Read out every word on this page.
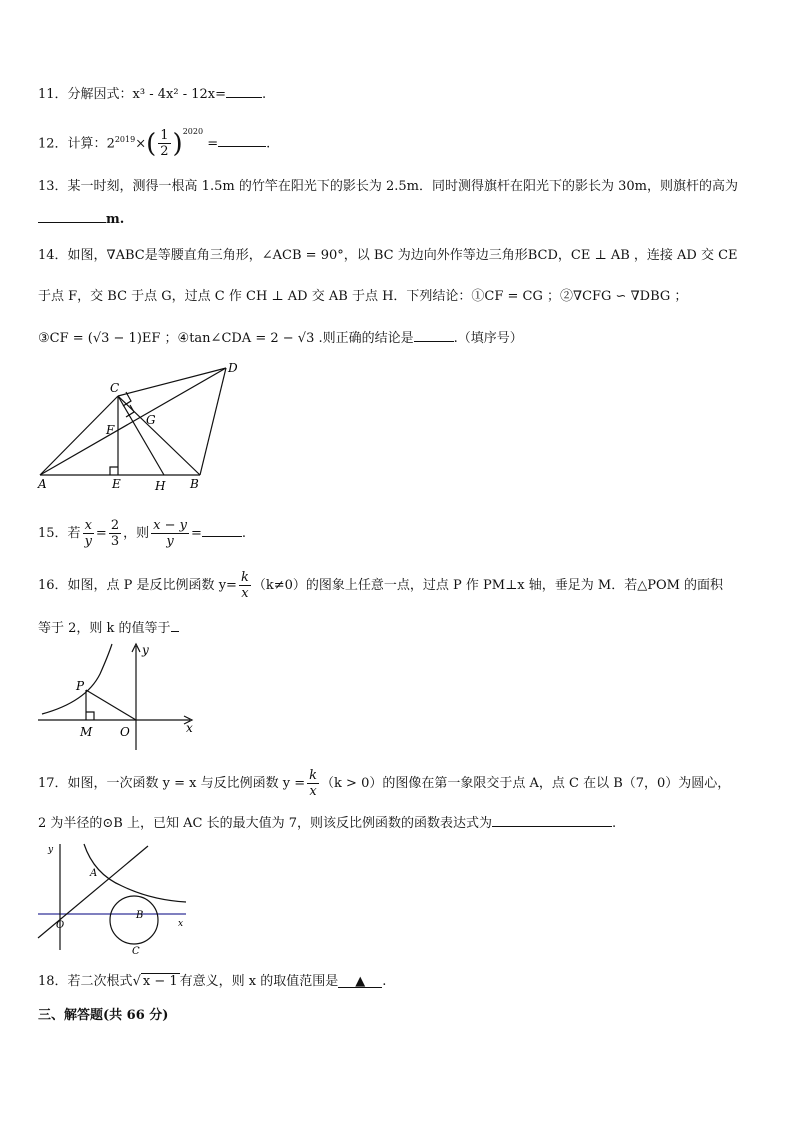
11．分解因式：x³ - 4x² - 12x=	.
12．计算：$2^{2019}\times( \frac{1}{2} )^{2020}$ =	.
13．某一时刻，测得一根高 1.5m 的竹竿在阳光下的影长为 2.5m．同时测得旗杆在阳光下的影长为 30m，则旗杆的高为
m.
14．如图，∇ABC是等腰直角三角形，∠ACB = 90°，以 BC 为边向外作等边三角形BCD，CE ⊥ AB ，连接 AD 交 CE
于点 F，交 BC 于点 G，过点 C 作 CH ⊥ AD 交 AB 于点 H．下列结论：①CF = CG ；②∇CFG ∽ ∇DBG ；
③CF = (√3 − 1)EF ；④tan∠CDA = 2 − √3 .则正确的结论是	.（填序号）
C
D
F
G
A	E	H B
15．若 $\frac{x}{y} = \frac{2}{3}$ ，则 $\frac{x - y}{y}$ =	.
16．如图，点 P 是反比例函数 $y= \frac{k}{x} (k\ne 0)$的图象上任意一点，过点 P 作 PM⊥x 轴，垂足为 M．若△POM 的面积
等于 2，则 k 的值等于
y
P
M O	x
17．如图，一次函数 y = x 与反比例函数 $y = \frac{k}{x} (k > 0)$的图像在第一象限交于点 A，点 C 在以 B（7，0）为圆心，
2 为半径的⊙B 上，已知 AC 长的最大值为 7，则该反比例函数的函数表达式为	.
y
A
O
B
C
x
18．若二次根式√ x − 1 有意义，则 x 的取值范围是 ▲ .
三、解答题(共 66 分)
